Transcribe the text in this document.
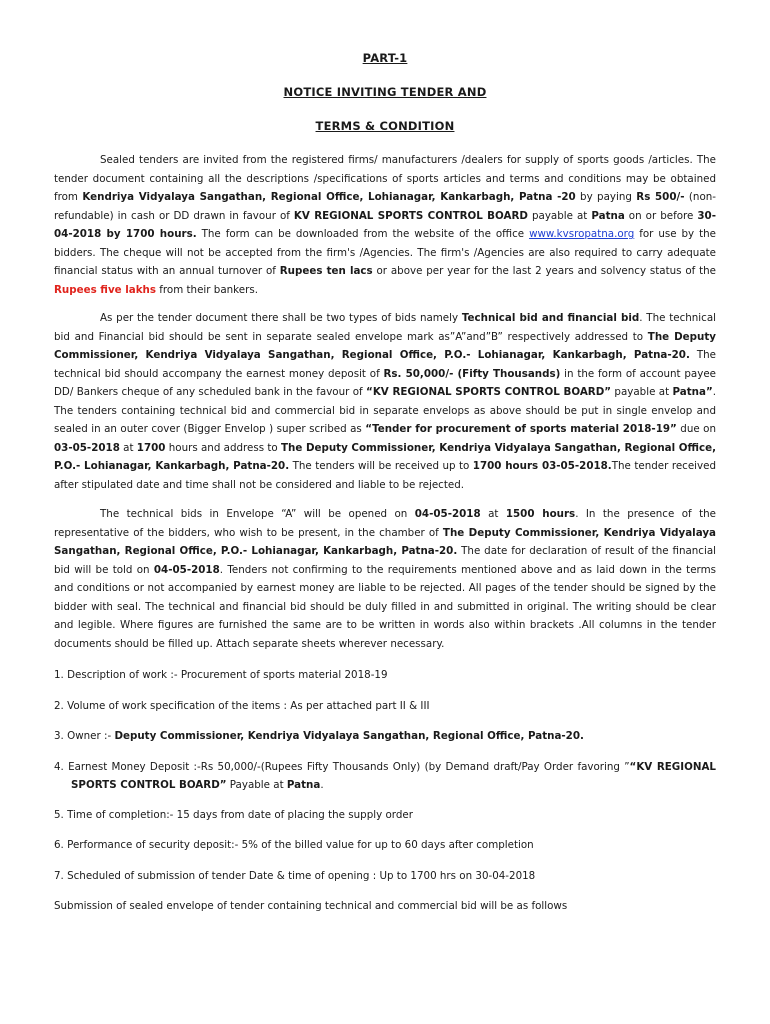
PART-1
NOTICE INVITING TENDER AND
TERMS & CONDITION

Sealed tenders are invited from the registered firms/ manufacturers /dealers for supply of sports goods /articles. The tender document containing all the descriptions /specifications of sports articles and terms and conditions may be obtained from Kendriya Vidyalaya Sangathan, Regional Office, Lohianagar, Kankarbagh, Patna -20 by paying Rs 500/- (non-refundable) in cash or DD drawn in favour of KV REGIONAL SPORTS CONTROL BOARD payable at Patna on or before 30-04-2018 by 1700 hours. The form can be downloaded from the website of the office www.kvsropatna.org for use by the bidders. The cheque will not be accepted from the firm's /Agencies. The firm's /Agencies are also required to carry adequate financial status with an annual turnover of Rupees ten lacs or above per year for the last 2 years and solvency status of the Rupees five lakhs from their bankers.

As per the tender document there shall be two types of bids namely Technical bid and financial bid. The technical bid and Financial bid should be sent in separate sealed envelope mark as”A”and”B” respectively addressed to The Deputy Commissioner, Kendriya Vidyalaya Sangathan, Regional Office, P.O.- Lohianagar, Kankarbagh, Patna-20. The technical bid should accompany the earnest money deposit of Rs. 50,000/- (Fifty Thousands) in the form of account payee DD/ Bankers cheque of any scheduled bank in the favour of “KV REGIONAL SPORTS CONTROL BOARD” payable at Patna”. The tenders containing technical bid and commercial bid in separate envelops as above should be put in single envelop and sealed in an outer cover (Bigger Envelop ) super scribed as “Tender for procurement of sports material 2018-19” due on 03-05-2018 at 1700 hours and address to The Deputy Commissioner, Kendriya Vidyalaya Sangathan, Regional Office, P.O.- Lohianagar, Kankarbagh, Patna-20. The tenders will be received up to 1700 hours 03-05-2018.The tender received after stipulated date and time shall not be considered and liable to be rejected.

The technical bids in Envelope “A” will be opened on 04-05-2018 at 1500 hours. In the presence of the representative of the bidders, who wish to be present, in the chamber of The Deputy Commissioner, Kendriya Vidyalaya Sangathan, Regional Office, P.O.- Lohianagar, Kankarbagh, Patna-20. The date for declaration of result of the financial bid will be told on 04-05-2018. Tenders not confirming to the requirements mentioned above and as laid down in the terms and conditions or not accompanied by earnest money are liable to be rejected. All pages of the tender should be signed by the bidder with seal. The technical and financial bid should be duly filled in and submitted in original. The writing should be clear and legible. Where figures are furnished the same are to be written in words also within brackets .All columns in the tender documents should be filled up. Attach separate sheets wherever necessary.

1. Description of work :- Procurement of sports material 2018-19

2. Volume of work specification of the items : As per attached part II & III

3. Owner :- Deputy Commissioner, Kendriya Vidyalaya Sangathan, Regional Office, Patna-20.

4. Earnest Money Deposit :-Rs 50,000/-(Rupees Fifty Thousands Only) (by Demand draft/Pay Order favoring ”“KV REGIONAL SPORTS CONTROL BOARD” Payable at Patna.

5. Time of completion:- 15 days from date of placing the supply order

6. Performance of security deposit:- 5% of the billed value for up to 60 days after completion

7. Scheduled of submission of tender Date & time of opening : Up to 1700 hrs on 30-04-2018

Submission of sealed envelope of tender containing technical and commercial bid will be as follows
